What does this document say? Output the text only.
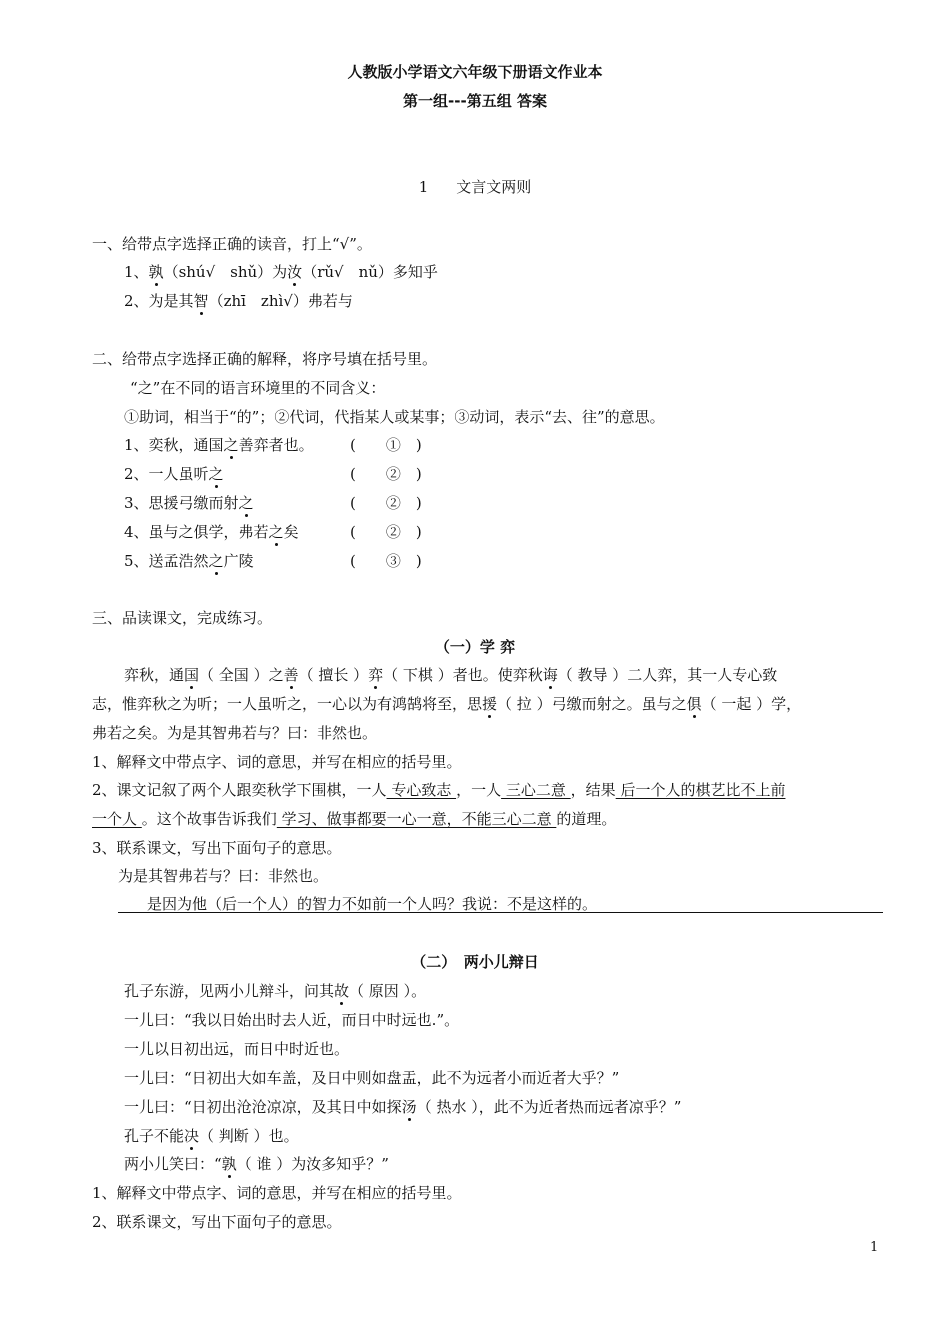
人教版小学语文六年级下册语文作业本
第一组---第五组 答案
1 文言文两则
一、给带点字选择正确的读音，打上“√”。
1、孰（shú√　shǔ）为汝（rǔ√　nǔ）多知乎
2、为是其智（zhī　zhì√）弗若与
二、给带点字选择正确的解释，将序号填在括号里。
“之”在不同的语言环境里的不同含义：
①助词，相当于“的”；②代词，代指某人或某事；③动词，表示“去、往”的意思。
1、奕秋，通国之善弈者也。 (　　①　)
2、一人虽听之	(　　②　)
3、思援弓缴而射之	(　　②　)
4、虽与之俱学，弗若之矣	(　　②　)
5、送孟浩然之广陵	(　　③　)
三、品读课文，完成练习。
（一）学 弈
弈秋，通国（ 全国 ）之善（ 擅长 ）弈（ 下棋 ）者也。使弈秋诲（ 教导 ）二人弈，其一人专心致
志，惟弈秋之为听；一人虽听之，一心以为有鸿鹄将至，思援（ 拉 ）弓缴而射之。虽与之俱（ 一起 ）学，
弗若之矣。为是其智弗若与？曰：非然也。
1、解释文中带点字、词的意思，并写在相应的括号里。
2、课文记叙了两个人跟奕秋学下围棋，一人 专心致志 ，一人 三心二意 ，结果 后一个人的棋艺比不上前
一个人 。这个故事告诉我们 学习、做事都要一心一意，不能三心二意 的道理。
3、联系课文，写出下面句子的意思。
为是其智弗若与？曰：非然也。
是因为他（后一个人）的智力不如前一个人吗？我说：不是这样的。
（二）　两小儿辩日
孔子东游，见两小儿辩斗，问其故（ 原因 ）。
一儿曰：“我以日始出时去人近，而日中时远也.”。
一儿以日初出远，而日中时近也。
一儿曰：“日初出大如车盖，及日中则如盘盂，此不为远者小而近者大乎？”
一儿曰：“日初出沧沧凉凉，及其日中如探汤（ 热水 ），此不为近者热而远者凉乎？”
孔子不能决（ 判断 ）也。
两小儿笑曰：“孰（ 谁 ）为汝多知乎？”
1、解释文中带点字、词的意思，并写在相应的括号里。
2、联系课文，写出下面句子的意思。
1
